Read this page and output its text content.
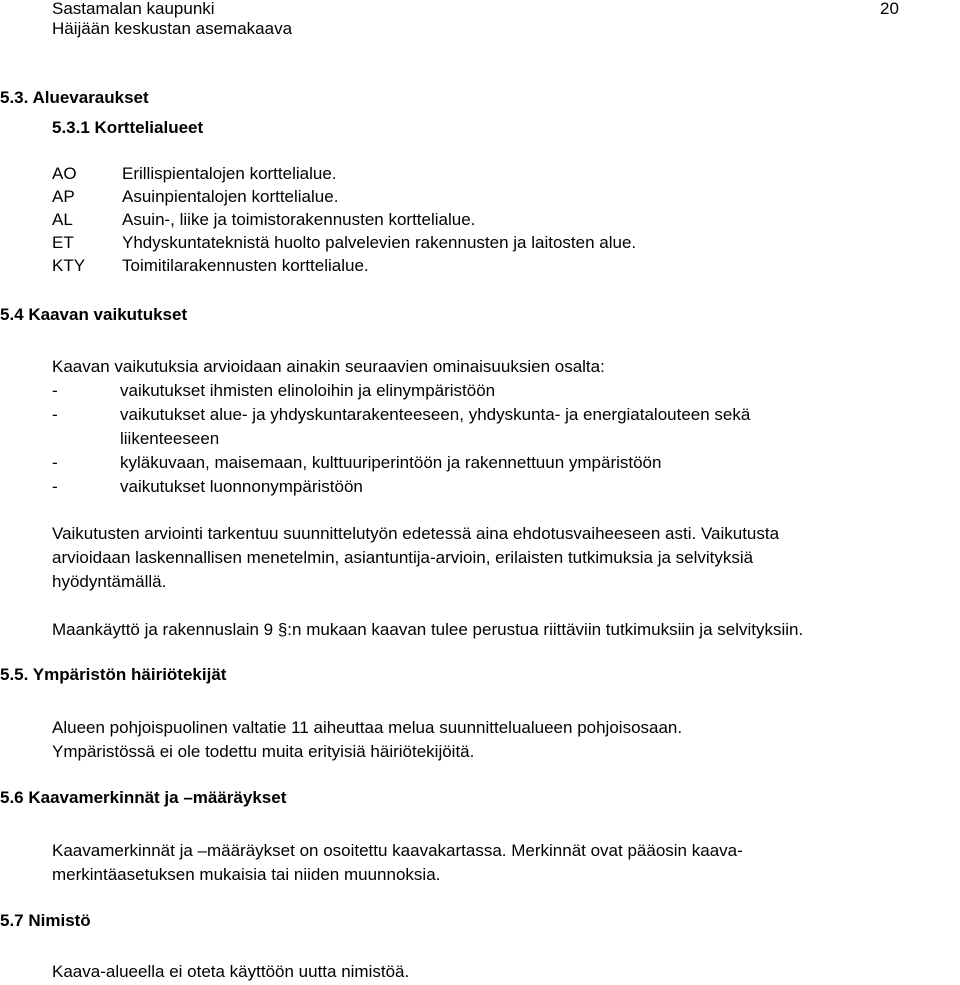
Sastamalan kaupunki
Häijään keskustan asemakaava
20
5.3. Aluevaraukset
5.3.1 Korttelialueet
AO	Erillispientalojen korttelialue.
AP	Asuinpientalojen korttelialue.
AL	Asuin-, liike ja toimistorakennusten korttelialue.
ET	Yhdyskuntateknistä huolto palvelevien rakennusten ja laitosten alue.
KTY Toimitilarakennusten korttelialue.
5.4 Kaavan vaikutukset
Kaavan vaikutuksia arvioidaan ainakin seuraavien ominaisuuksien osalta:
-	vaikutukset ihmisten elinoloihin ja elinympäristöön
-	vaikutukset alue- ja yhdyskuntarakenteeseen, yhdyskunta- ja energiatalouteen sekä
liikenteeseen
-	kyläkuvaan, maisemaan, kulttuuriperintöön ja rakennettuun ympäristöön
-	vaikutukset luonnonympäristöön
Vaikutusten arviointi tarkentuu suunnittelutyön edetessä aina ehdotusvaiheeseen asti. Vaikutusta
arvioidaan laskennallisen menetelmin, asiantuntija-arvioin, erilaisten tutkimuksia ja selvityksiä
hyödyntämällä.
Maankäyttö ja rakennuslain 9 §:n mukaan kaavan tulee perustua riittäviin tutkimuksiin ja selvityksiin.
5.5. Ympäristön häiriötekijät
Alueen pohjoispuolinen valtatie 11 aiheuttaa melua suunnittelualueen pohjoisosaan.
Ympäristössä ei ole todettu muita erityisiä häiriötekijöitä.
5.6 Kaavamerkinnät ja –määräykset
Kaavamerkinnät ja –määräykset on osoitettu kaavakartassa. Merkinnät ovat pääosin kaava-
merkintäasetuksen mukaisia tai niiden muunnoksia.
5.7 Nimistö
Kaava-alueella ei oteta käyttöön uutta nimistöä.
